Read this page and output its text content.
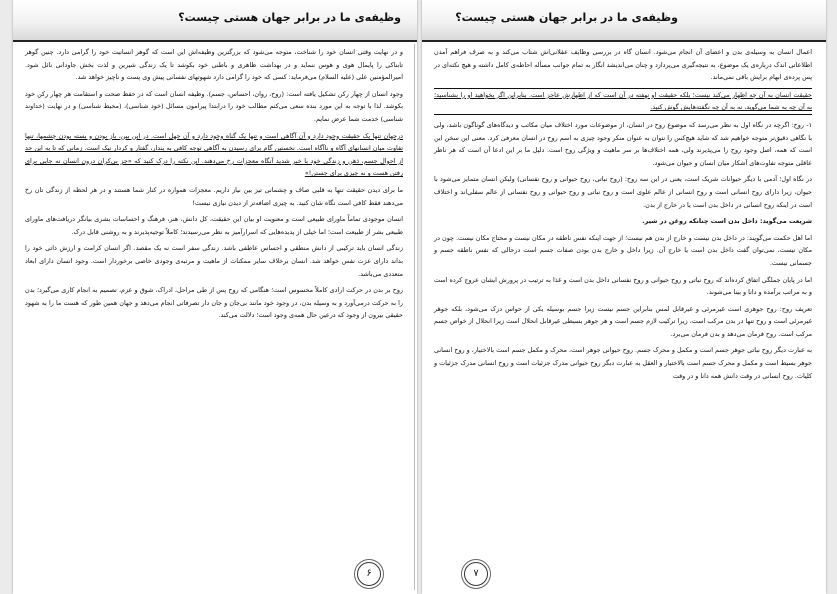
وظیفه‌ی ما در برابر جهان هستی چیست؟

و در نهایت وقتی انسان خود را شناخت، متوجه می‌شود که بزرگترین وظیفه‌اش این است که گوهر انسانیت خود را گرامی دارد. چنین گوهر تابناکی را پایمال هوی و هوس ننماید و در بهداشت ظاهری و باطنی خود بکوشد تا یک زندگی شیرین و لذت بخش جاودانی نائل شود. امیرالمؤمنین علی (علیه السلام) می‌فرماید: کسی که خود را گرامی دارد شهوتهای نفسانی پیش وی پست و ناچیز خواهد شد.

وجود انسان از چهار رکن تشکیل یافته است: (روح، روان، احساس، جسم). وظیفه انسان است که در حفظ صحت و استقامت هر چهار رکن خود بکوشد. لذا با توجه به این مورد بنده سعی می‌کنم مطالب خود را درابتدا پیرامون مسائل (خود شناسی)، (محیط شناسی) و در نهایت (خداوند شناسی) خدمت شما عرض نمایم.

درجهان تنها یک حقیقت وجود دارد و آن آگاهی است و تنها یک گناه وجود دارد و آن جهل است. در این بین، باز بودن و بسته بودن چشمها، تنها تفاوت میان انسانهای آگاه و ناآگاه است. نخستین گام برای رسیدن به آگاهی توجه کافی به پندار، گفتار و کردار نیک است. زمانی که تا به این حد از احوال جسم، ذهن و زندگی خود با خبر شدید آنگاه معجزات رخ می‌دهند. این نکته را درک کنید که «جز بی‌کران درون انسان نه جایی برای رفتن هست و نه چیزی برای جستن!»

ما برای دیدن حقیقت تنها به قلبی صاف و چشمانی تیز بین نیاز داریم. معجزات همواره در کنار شما هستند و در هر لحظه از زندگی تان رخ می‌دهند فقط کافی است نگاه شان کنید. به چیزی اضافه‌تر از دیدن نیازی نیست!

انسان موجودی تماماً ماورای طبیعی است و معنویت او بیان این حقیقت، کل دانش، هنر، فرهنگ و احساسات بشری بیانگر دریافت‌های ماورای طبیعی بشر از طبیعت است؛ اما خیلی از پدیده‌هایی که اسرارآمیز به نظر می‌رسیدند؛ کاملاً توجیه‌پذیرند و به روشنی قابل درک.

زندگی انسان باید ترکیبی از دانش منطقی و احساس عاطفی باشد. زندگی سفر است نه یک مقصد. اگر انسان کرامت و ارزش ذاتی خود را بداند دارای عزت نفس خواهد شد. انسان برخلاف سایر ممکنات از ماهیت و مرتبه‌ی وجودی خاصی برخوردار است. وجود انسان دارای ابعاد متعددی می‌باشد.

روح بر بدن در حرکت ارادی کاملاً محسوس است؛ هنگامی که روح پس از طی مراحل، ادراک، شوق و عزم، تصمیم به انجام کاری می‌گیرد؛ بدن را به حرکت درمی‌آورد و به وسیله بدن، در وجود خود مانند بی‌جان و جان دار تصرفاتی انجام می‌دهد و جهان همین طور که هست ما را به شهود حقیقی بیرون از وجود که درعین حال همه‌ی وجود است؛ دلالت می‌کند.

۶
وظیفه‌ی ما در برابر جهان هستی چیست؟

اعمال انسان به وسیله‌ی بدن و اعضای آن انجام می‌شود. انسان گاه در بررسی وظایف عقلانی‌اش شتاب می‌کند و به صرف فراهم آمدن اطلاعاتی اندک درباره‌ی یک موضوع، به نتیجه‌گیری می‌پردازد و چنان می‌اندیشد انگار به تمام جوانب مسأله احاطه‌ی کامل داشته و هیچ نکته‌ای در پس پرده‌ی ابهام برایش باقی نمی‌ماند.

حقیقت انسان به آن چه اظهار می‌کند نیست؛ بلکه حقیقت او نهفته در آن است که از اظهارش عاجز است. بنابراین اگر بخواهید او را بشناسید؛ به آن چه به شما می‌گوید، نه به آن چه نگفته‌هایش گوش کنید.

۱- روح: اگرچه در نگاه اول به نظر می‌رسد که موضوع روح در انسان، از موضوعات مورد اختلاف میان مکاتب و دیدگاه‌های گوناگون باشد، ولی با نگاهی دقیق‌تر متوجه خواهیم شد که شاید هیچ‌کس را نتوان به عنوان منکر وجود چیزی به اسم روح در انسان معرفی کرد. معنی این سخن این است که همه، اصل وجود روح را می‌پذیرند ولی، همه اختلاف‌ها بر سر ماهیت و ویژگی روح است. دلیل ما بر این ادعا آن است که هر ناظر عاقلی متوجه تفاوت‌های آشکار میان انسان و حیوان می‌شود.

در نگاه اول؛ آدمی با دیگر حیوانات شریک است، یعنی در این سه روح: (روح نباتی، روح حیوانی و روح نفسانی) ولیکن انسان متمایز می‌شود با حیوان، زیرا دارای روح انسانی است و روح انسانی از عالم علوی است و روح نباتی و روح حیوانی و روح نفسانی از عالم سفلی‌اند و اختلاف است در اینکه روح انسانی در داخل بدن است یا در خارج از بدن.

شریعت می‌گوید: داخل بدن است چنانکه روغن در شیر.

اما اهل حکمت می‌گویند: در داخل بدن نیست و خارج از بدن هم نیست؛ از جهت اینکه نفس ناطقه در مکان نیست و محتاج مکان نیست. چون در مکان نیست، نمی‌توان گفت داخل بدن است یا خارج آن. زیرا داخل و خارج بدن بودن صفات جسم است درحالی که نفس ناطقه جسم و جسمانی نیست.

اما در پایان جملگی اتفاق کرده‌اند که روح نباتی و روح حیوانی و روح نفسانی داخل بدن است و غذا به ترتیب در پرورش ایشان عروج کرده است و به مراتب برآمده و دانا و بینا می‌شوند.

تعریف روح: روح جوهری است غیرمرئی و غیرقابل لمس بنابراین جسم نیست زیرا جسم بوسیله یکی از حواس درک می‌شود، بلکه جوهر غیرمرئی است و روح تنها در بدن مرکب است، زیرا ترکیب لازم جسم است و هر جوهر بسیطی غیرقابل انحلال است زیرا انحلال از خواص جسم مرکب است. روح فرمان می‌دهد و بدن فرمان می‌برد.

به عبارت دیگر روح نباتی جوهر جسم است و مکمل و محرک جسم. روح حیوانی جوهر است، محرک و مکمل جسم است بالاختیار، و روح انسانی جوهر بسیط است و مکمل و محرک جسم است بالاختیار و العقل به عبارت دیگر روح حیوانی مدرک جزئیات است و روح انسانی مدرک جزئیات و کلیات. روح انسانی در وقت دانش همه دانا و در وقت

۷
